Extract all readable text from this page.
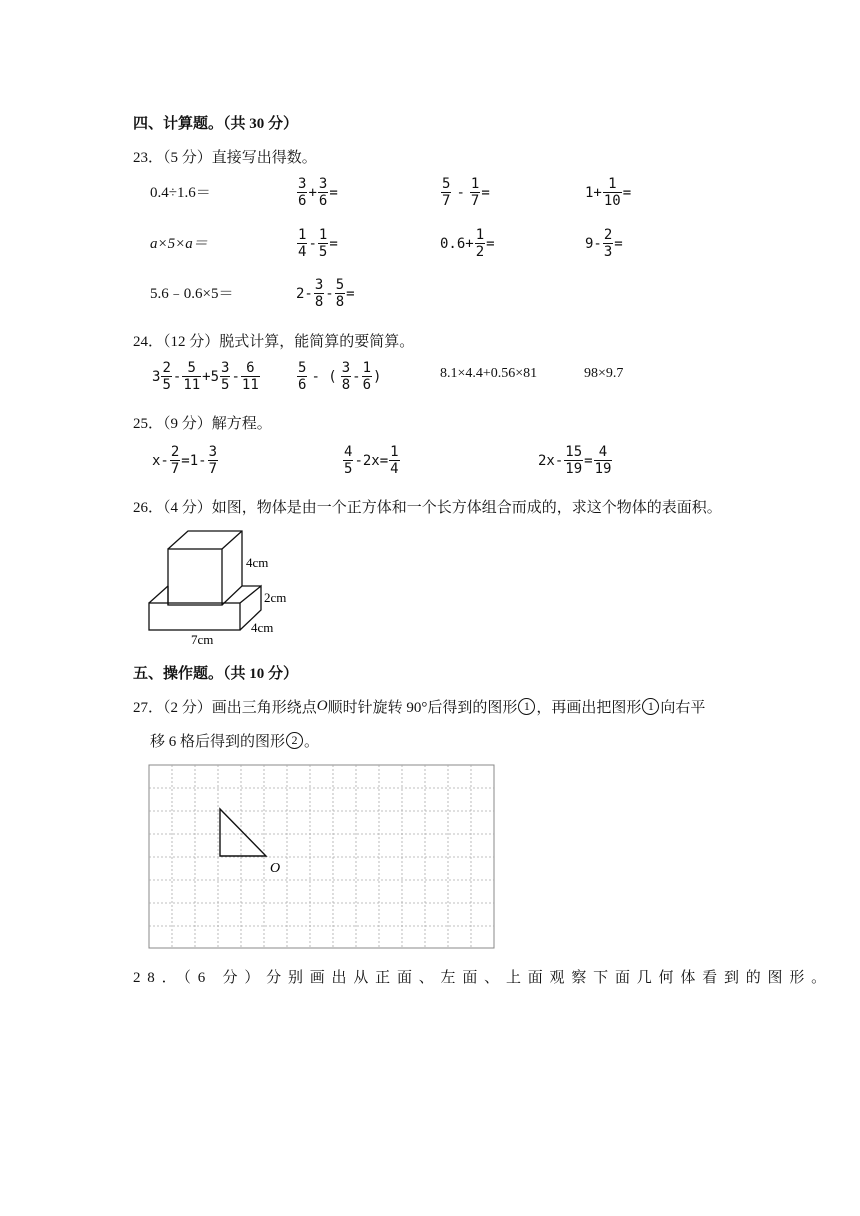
四、计算题。（共 30 分）
23．（5 分）直接写出得数。
0.4÷1.6＝	$\frac{3}{6} + \frac{3}{6}$ =	$\frac{5}{7} - \frac{1}{7}$ =	$1+ \frac{1}{10}$ =
a×5×a＝	$\frac{1}{4} - \frac{1}{5}$ =	$0.6+ \frac{1}{2}$ =	$9- \frac{2}{3}$ =
5.6﹣0.6×5＝	$2- \frac{3}{8} - \frac{5}{8}$ =
24．（12 分）脱式计算，能简算的要简算。
$3 \frac{2}{5} - \frac{5}{11} +5 \frac{3}{5} - \frac{6}{11}$	$\frac{5}{6}$ - ( $\frac{3}{8} - \frac{1}{6}$ )	8.1×4.4+0.56×81	98×9.7
25．（9 分）解方程。
$x- \frac{2}{7} =1- \frac{3}{7}$	$\frac{4}{5} -2x= \frac{1}{4}$	$2x- \frac{15}{19} = \frac{4}{19}$
26．（4 分）如图，物体是由一个正方体和一个长方体组合而成的，求这个物体的表面积。
4cm
2cm
4cm
7cm
五、操作题。（共 10 分）
27．（2 分）画出三角形绕点 O 顺时针旋转 90°后得到的图形 1 ，再画出把图形 1 向右平
移 6 格后得到的图形 2 。
O
28．（6 分）分别画出从正面、左面、上面观察下面几何体看到的图形。
